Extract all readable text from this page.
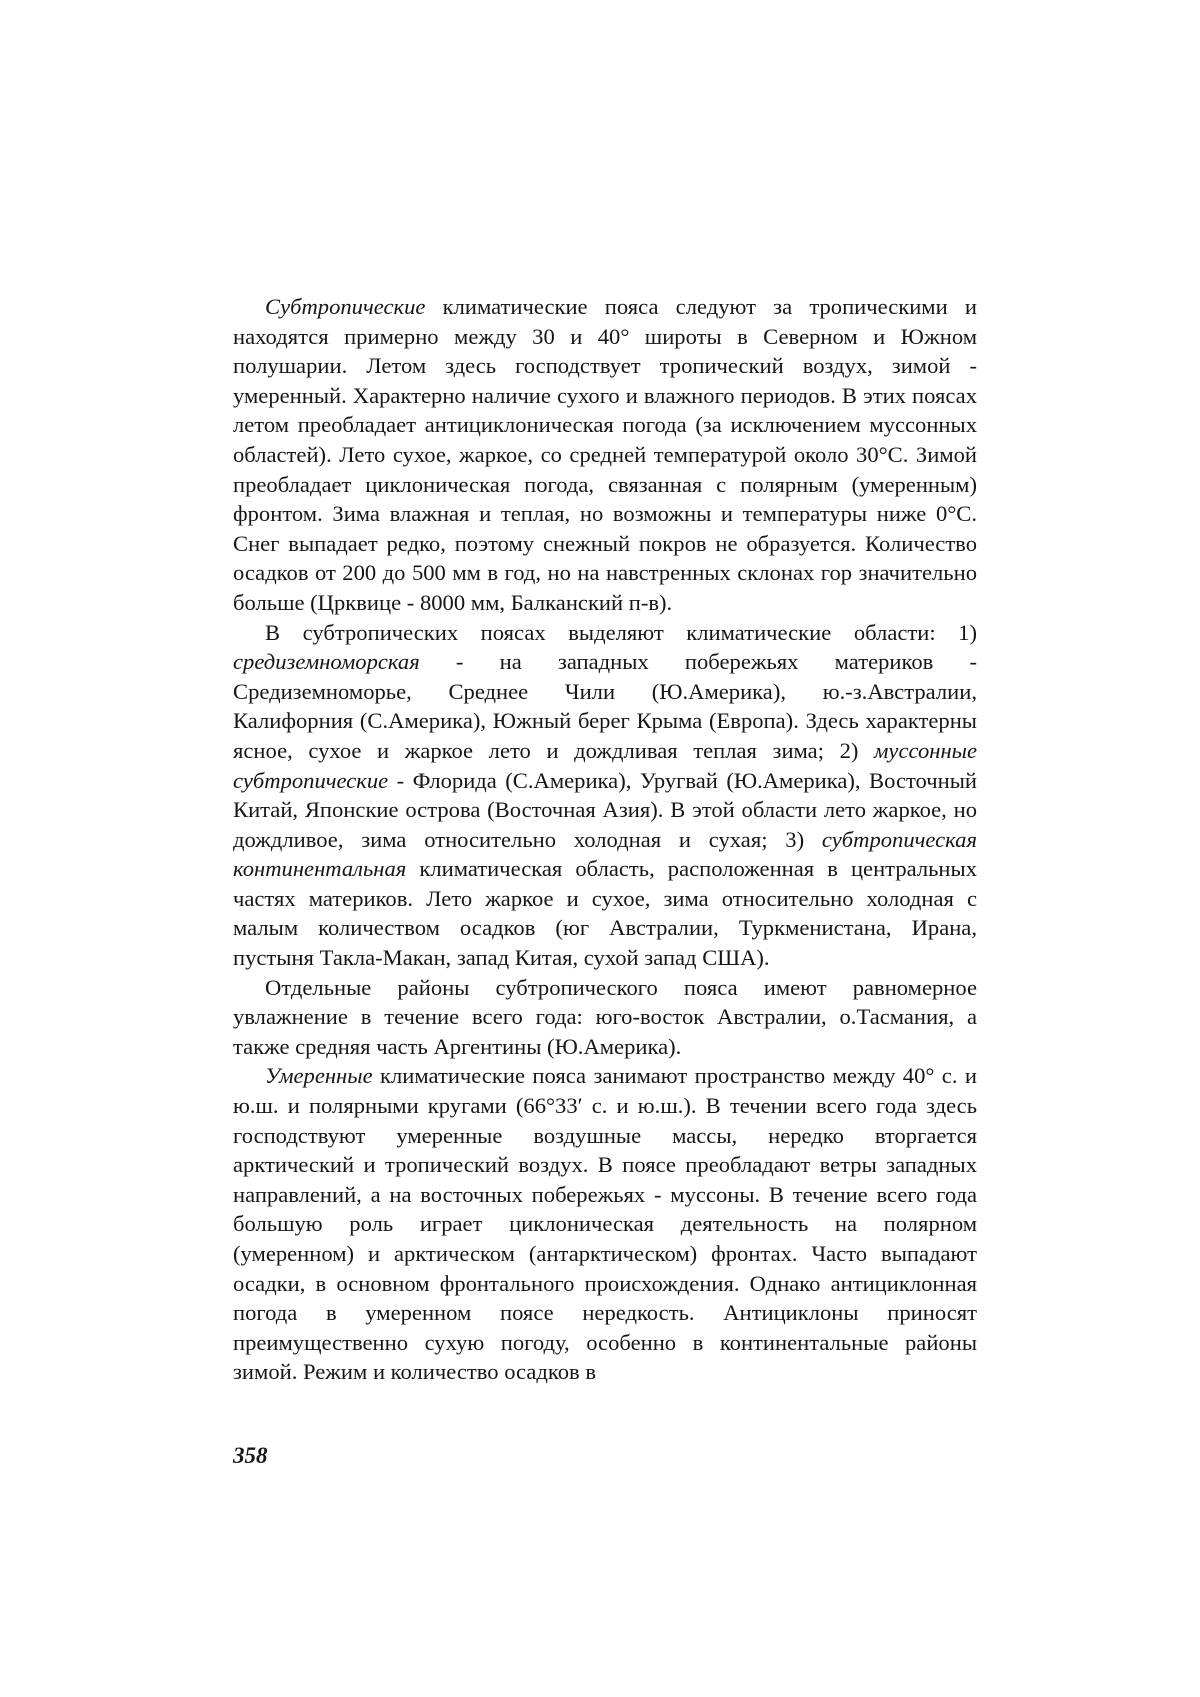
Субтропические климатические пояса следуют за тропическими и находятся примерно между 30 и 40° широты в Северном и Южном полушарии. Летом здесь господствует тропический воздух, зимой - умеренный. Характерно наличие сухого и влажного периодов. В этих поясах летом преобладает антициклоническая погода (за исключением муссонных областей). Лето сухое, жаркое, со средней температурой около 30°С. Зимой преобладает циклоническая погода, связанная с полярным (умеренным) фронтом. Зима влажная и теплая, но возможны и температуры ниже 0°С. Снег выпадает редко, поэтому снежный покров не образуется. Количество осадков от 200 до 500 мм в год, но на навстренных склонах гор значительно больше (Црквице - 8000 мм, Балканский п-в).

В субтропических поясах выделяют климатические области: 1) средиземноморская - на западных побережьях материков - Средиземноморье, Среднее Чили (Ю.Америка), ю.-з.Австралии, Калифорния (С.Америка), Южный берег Крыма (Европа). Здесь характерны ясное, сухое и жаркое лето и дождливая теплая зима; 2) муссонные субтропические - Флорида (С.Америка), Уругвай (Ю.Америка), Восточный Китай, Японские острова (Восточная Азия). В этой области лето жаркое, но дождливое, зима относительно холодная и сухая; 3) субтропическая континентальная климатическая область, расположенная в центральных частях материков. Лето жаркое и сухое, зима относительно холодная с малым количеством осадков (юг Австралии, Туркменистана, Ирана, пустыня Такла-Макан, запад Китая, сухой запад США).

Отдельные районы субтропического пояса имеют равномерное увлажнение в течение всего года: юго-восток Австралии, о.Тасмания, а также средняя часть Аргентины (Ю.Америка).

Умеренные климатические пояса занимают пространство между 40° с. и ю.ш. и полярными кругами (66°33′ с. и ю.ш.). В течении всего года здесь господствуют умеренные воздушные массы, нередко вторгается арктический и тропический воздух. В поясе преобладают ветры западных направлений, а на восточных побережьях - муссоны. В течение всего года большую роль играет циклоническая деятельность на полярном (умеренном) и арктическом (антарктическом) фронтах. Часто выпадают осадки, в основном фронтального происхождения. Однако антициклонная погода в умеренном поясе нередкость. Антициклоны приносят преимущественно сухую погоду, особенно в континентальные районы зимой. Режим и количество осадков в

358
